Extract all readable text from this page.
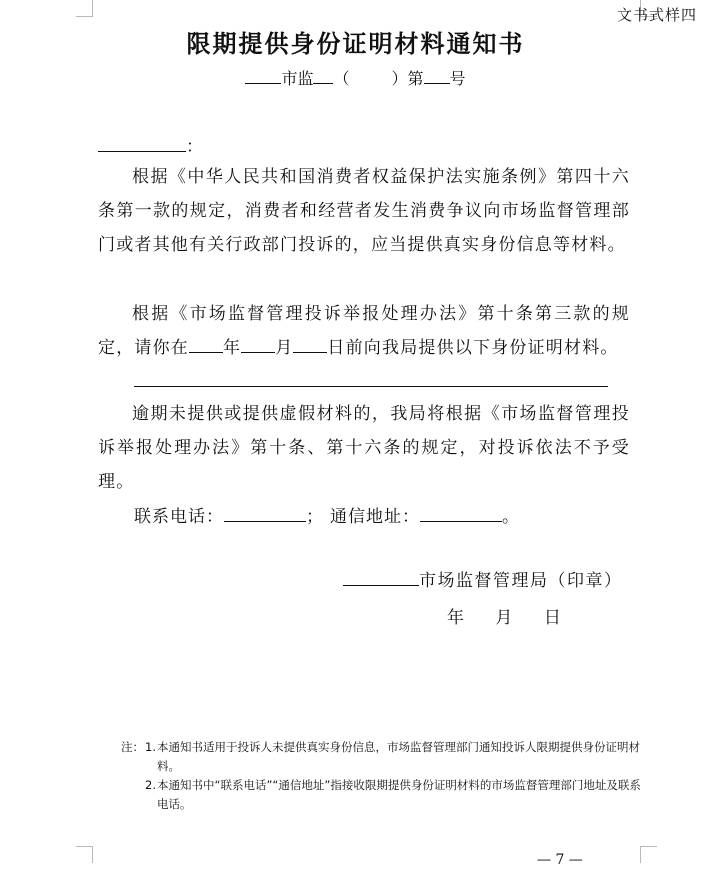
文书式样四
限期提供身份证明材料通知书
市监 （	）第 号
：
根据《中华人民共和国消费者权益保护法实施条例》第四十六条第一款的规定，消费者和经营者发生消费争议向市场监督管理部门或者其他有关行政部门投诉的，应当提供真实身份信息等材料。
根据《市场监督管理投诉举报处理办法》第十条第三款的规定，请你在 年 月 日前向我局提供以下身份证明材料。
逾期未提供或提供虚假材料的，我局将根据《市场监督管理投诉举报处理办法》第十条、第十六条的规定，对投诉依法不予受理。
联系电话：	； 通信地址：	。
市场监督管理局（印章）
年 月 日
注： 1. 本通知书适用于投诉人未提供真实身份信息，市场监督管理部门通知投诉人限期提供身份证明材料。
2. 本通知书中“联系电话”“通信地址”指接收限期提供身份证明材料的市场监督管理部门地址及联系电话。
— 7 —
